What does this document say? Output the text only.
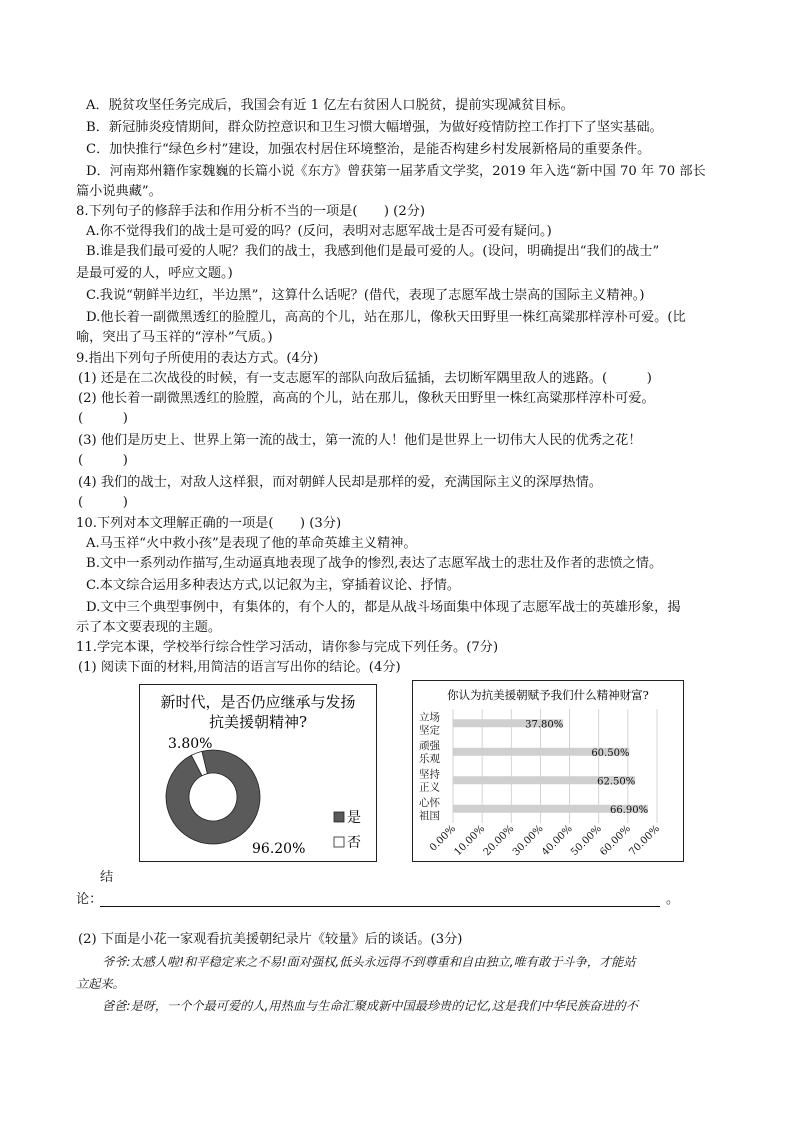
A．脱贫攻坚任务完成后，我国会有近 1 亿左右贫困人口脱贫，提前实现减贫目标。
B．新冠肺炎疫情期间，群众防控意识和卫生习惯大幅增强，为做好疫情防控工作打下了坚实基础。
C．加快推行“绿色乡村”建设，加强农村居住环境整治，是能否构建乡村发展新格局的重要条件。
D．河南郑州籍作家魏巍的长篇小说《东方》曾获第一届茅盾文学奖，2019 年入选“新中国 70 年 70 部长
篇小说典藏”。
8.下列句子的修辞手法和作用分析不当的一项是(　　) (2分)
A.你不觉得我们的战士是可爱的吗？(反问，表明对志愿军战士是否可爱有疑问。)
B.谁是我们最可爱的人呢？我们的战士，我感到他们是最可爱的人。(设问，明确提出“我们的战士”
是最可爱的人，呼应文题。)
C.我说“朝鲜半边红，半边黑”，这算什么话呢？(借代，表现了志愿军战士崇高的国际主义精神。)
D.他长着一副微黑透红的脸膛儿，高高的个儿，站在那儿，像秋天田野里一株红高粱那样淳朴可爱。(比
喻，突出了马玉祥的“淳朴”气质。)
9.指出下列句子所使用的表达方式。(4分)
(1) 还是在二次战役的时候，有一支志愿军的部队向敌后猛插，去切断军隅里敌人的逃路。(　　　)
(2) 他长着一副微黑透红的脸膛，高高的个儿，站在那儿，像秋天田野里一株红高粱那样淳朴可爱。
(　　　)
(3) 他们是历史上、世界上第一流的战士，第一流的人！他们是世界上一切伟大人民的优秀之花！
(　　　)
(4) 我们的战士，对敌人这样狠，而对朝鲜人民却是那样的爱，充满国际主义的深厚热情。
(　　　)
10.下列对本文理解正确的一项是(　　) (3分)
A.马玉祥“火中救小孩”是表现了他的革命英雄主义精神。
B.文中一系列动作描写,生动逼真地表现了战争的惨烈,表达了志愿军战士的悲壮及作者的悲愤之情。
C.本文综合运用多种表达方式,以记叙为主，穿插着议论、抒情。
D.文中三个典型事例中，有集体的，有个人的，都是从战斗场面集中体现了志愿军战士的英雄形象，揭
示了本文要表现的主题。
11.学完本课，学校举行综合性学习活动，请你参与完成下列任务。(7分)
(1) 阅读下面的材料,用简洁的语言写出你的结论。(4分)
新时代，是否仍应继承与发扬
抗美援朝精神?
3.80%
96.20%
是
否
你认为抗美援朝赋予我们什么精神财富?
37.80%
60.50%
62.50%
66.90%
立场
坚定
顽强
乐观
坚持
正义
心怀
祖国
0.00%
10.00%
20.00%
30.00%
40.00%
50.00%
60.00%
70.00%
结
论：	。
(2) 下面是小花一家观看抗美援朝纪录片《较量》后的谈话。(3分)
爷爷:太感人啦!和平稳定来之不易!面对强权,低头永远得不到尊重和自由独立,唯有敢于斗争，才能站
立起来。
爸爸:是呀，一个个最可爱的人,用热血与生命汇聚成新中国最珍贵的记忆,这是我们中华民族奋进的不
